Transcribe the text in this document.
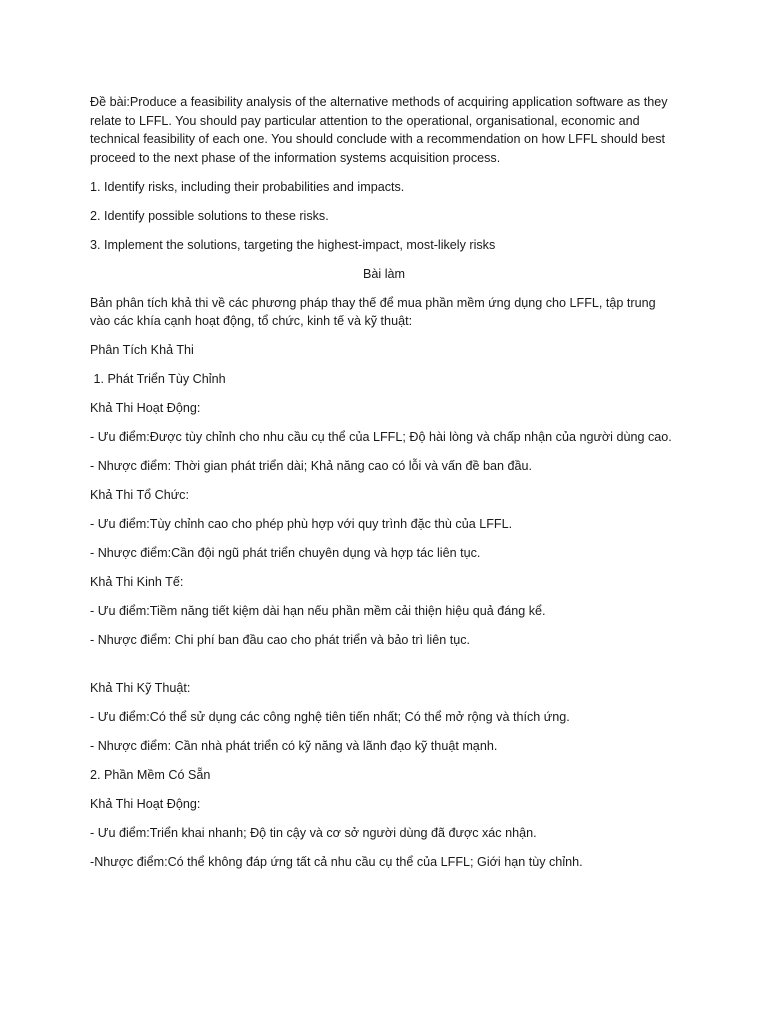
Đề bài:Produce a feasibility analysis of the alternative methods of acquiring application software as they relate to LFFL. You should pay particular attention to the operational, organisational, economic and technical feasibility of each one. You should conclude with a recommendation on how LFFL should best proceed to the next phase of the information systems acquisition process.

1. Identify risks, including their probabilities and impacts.

2. Identify possible solutions to these risks.

3. Implement the solutions, targeting the highest-impact, most-likely risks

Bài làm

Bản phân tích khả thi về các phương pháp thay thế để mua phần mềm ứng dụng cho LFFL, tập trung vào các khía cạnh hoạt động, tổ chức, kinh tế và kỹ thuật:

Phân Tích Khả Thi

1. Phát Triển Tùy Chỉnh

Khả Thi Hoạt Động:

- Ưu điểm:Được tùy chỉnh cho nhu cầu cụ thể của LFFL; Độ hài lòng và chấp nhận của người dùng cao.

- Nhược điểm: Thời gian phát triển dài; Khả năng cao có lỗi và vấn đề ban đầu.

Khả Thi Tổ Chức:

- Ưu điểm:Tùy chỉnh cao cho phép phù hợp với quy trình đặc thù của LFFL.

- Nhược điểm:Cần đội ngũ phát triển chuyên dụng và hợp tác liên tục.

Khả Thi Kinh Tế:

- Ưu điểm:Tiềm năng tiết kiệm dài hạn nếu phần mềm cải thiện hiệu quả đáng kể.

- Nhược điểm: Chi phí ban đầu cao cho phát triển và bảo trì liên tục.

Khả Thi Kỹ Thuật:

- Ưu điểm:Có thể sử dụng các công nghệ tiên tiến nhất; Có thể mở rộng và thích ứng.

- Nhược điểm: Cần nhà phát triển có kỹ năng và lãnh đạo kỹ thuật mạnh.

2. Phần Mềm Có Sẵn

Khả Thi Hoạt Động:

- Ưu điểm:Triển khai nhanh; Độ tin cậy và cơ sở người dùng đã được xác nhận.

-Nhược điểm:Có thể không đáp ứng tất cả nhu cầu cụ thể của LFFL; Giới hạn tùy chỉnh.
